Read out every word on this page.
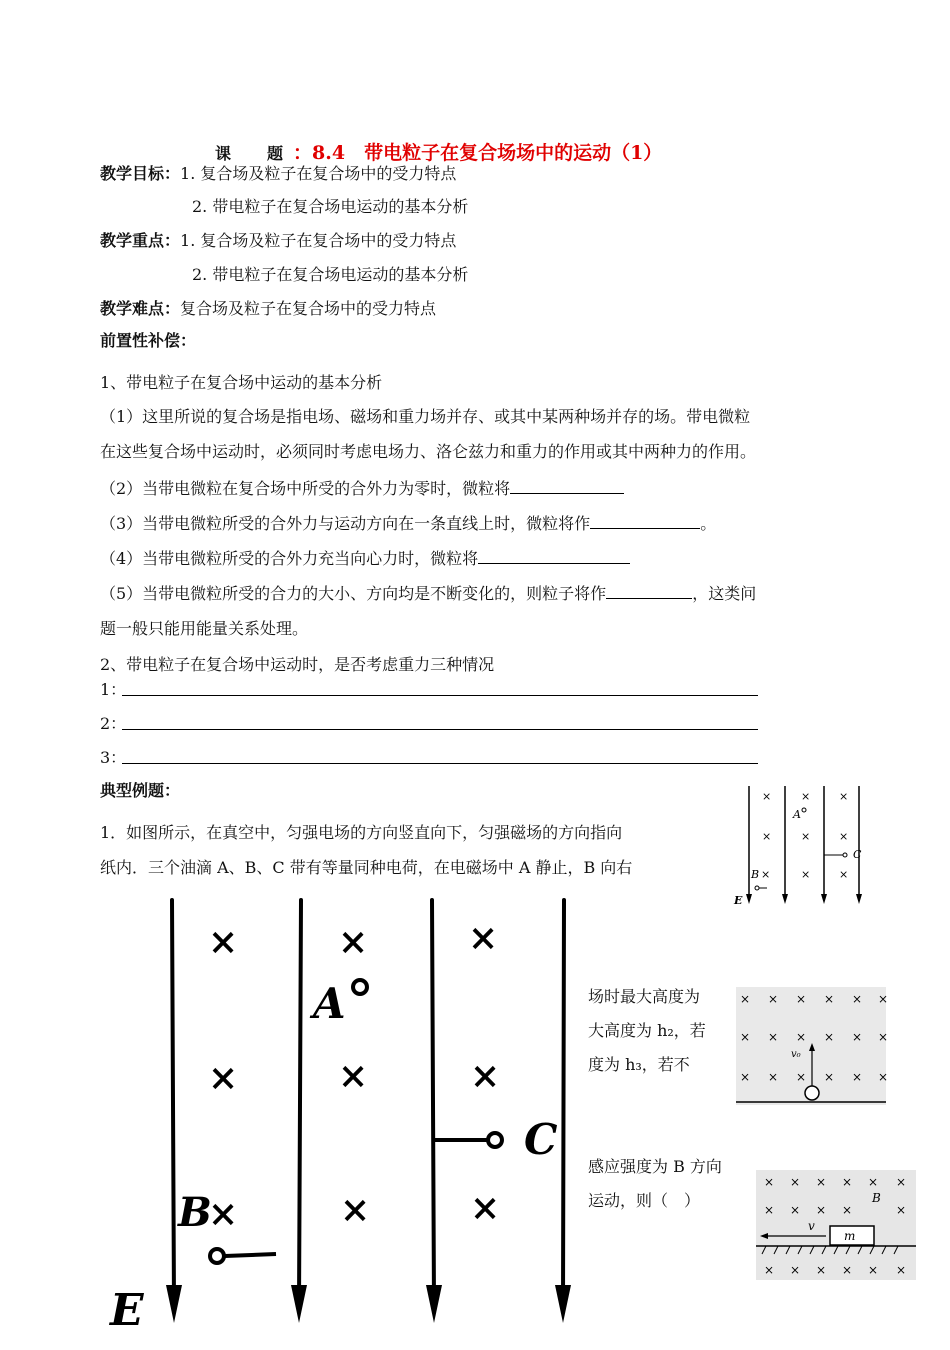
课　题：8.4　带电粒子在复合场场中的运动（1）
教学目标：1. 复合场及粒子在复合场中的受力特点
2. 带电粒子在复合场电运动的基本分析
教学重点：1. 复合场及粒子在复合场中的受力特点
2. 带电粒子在复合场电运动的基本分析
教学难点：复合场及粒子在复合场中的受力特点
前置性补偿：
1、带电粒子在复合场中运动的基本分析
（1）这里所说的复合场是指电场、磁场和重力场并存、或其中某两种场并存的场。带电微粒
在这些复合场中运动时，必须同时考虑电场力、洛仑兹力和重力的作用或其中两种力的作用。
（2）当带电微粒在复合场中所受的合外力为零时，微粒将
（3）当带电微粒所受的合外力与运动方向在一条直线上时，微粒将作	。
（4）当带电微粒所受的合外力充当向心力时，微粒将
（5）当带电微粒所受的合力的大小、方向均是不断变化的，则粒子将作	，这类问
题一般只能用能量关系处理。
2、带电粒子在复合场中运动时，是否考虑重力三种情况
1：
2：
3：
典型例题：
1．如图所示，在真空中，匀强电场的方向竖直向下，匀强磁场的方向指向
纸内．三个油滴 A、B、C 带有等量同种电荷，在电磁场中 A 静止，B 向右
场时最大高度为
大高度为 h₂，若
度为 h₃，若不
感应强度为 B 方向
运动，则（　）
×	×	×
×	×	×
×	×
A
B ×
C
E
×	×	×
×	×	×
×	×
A
B
×
C
E
× × × × × ×
× × × × × ×
× × × × × ×
v₀
× × × × × ×
× × × ×	×
× × × × × ×
B
m
v
